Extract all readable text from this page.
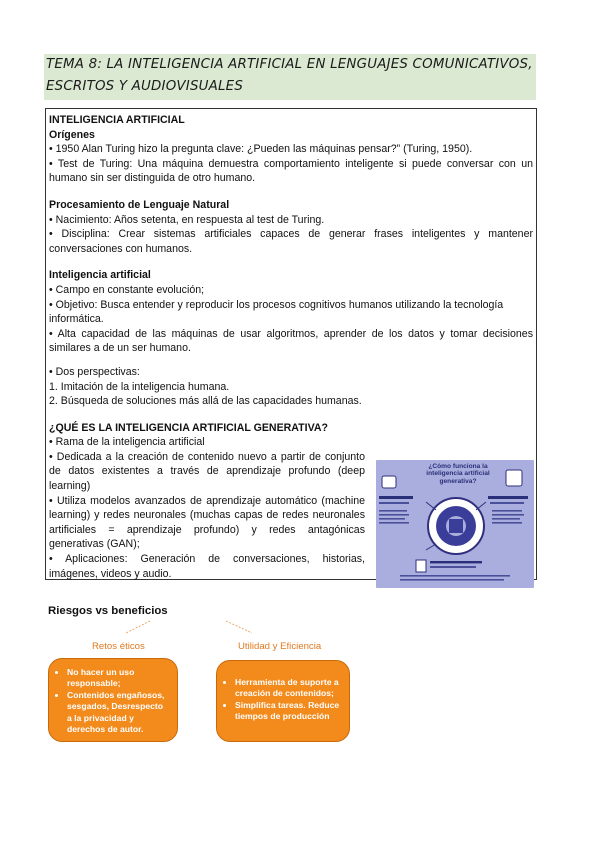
TEMA 8: LA INTELIGENCIA ARTIFICIAL EN LENGUAJES COMUNICATIVOS,
ESCRITOS Y AUDIOVISUALES

INTELIGENCIA ARTIFICIAL

Orígenes

• 1950 Alan Turing hizo la pregunta clave: ¿Pueden las máquinas pensar?” (Turing, 1950).

• Test de Turing: Una máquina demuestra comportamiento inteligente si puede conversar con un humano sin ser distinguida de otro humano.

Procesamiento de Lenguaje Natural

• Nacimiento: Años setenta, en respuesta al test de Turing.

• Disciplina: Crear sistemas artificiales capaces de generar frases inteligentes y mantener conversaciones con humanos.

Inteligencia artificial

• Campo en constante evolución;

• Objetivo: Busca entender y reproducir los procesos cognitivos humanos utilizando la tecnología informática.

• Alta capacidad de las máquinas de usar algoritmos, aprender de los datos y tomar decisiones similares a de un ser humano.

• Dos perspectivas:

1. Imitación de la inteligencia humana.

2. Búsqueda de soluciones más allá de las capacidades humanas.

¿QUÉ ES LA INTELIGENCIA ARTIFICIAL GENERATIVA?

• Rama de la inteligencia artificial

• Dedicada a la creación de contenido nuevo a partir de conjunto de datos existentes a través de aprendizaje profundo (deep learning)

• Utiliza modelos avanzados de aprendizaje automático (machine learning) y redes neuronales (muchas capas de redes neuronales artificiales = aprendizaje profundo) y redes antagónicas generativas (GAN);

• Aplicaciones: Generación de conversaciones, historias, imágenes, videos y audio.

¿Cómo funciona la inteligencia artificial generativa?
Riesgos vs beneficios
Retos éticos	Utilidad y Eficiencia
• No hacer un uso responsable;
• Contenidos engañosos, sesgados, Desrespecto a la privacidad y derechos de autor.
• Herramienta de suporte a creación de contenidos;
• Simplifica tareas. Reduce tiempos de producción
